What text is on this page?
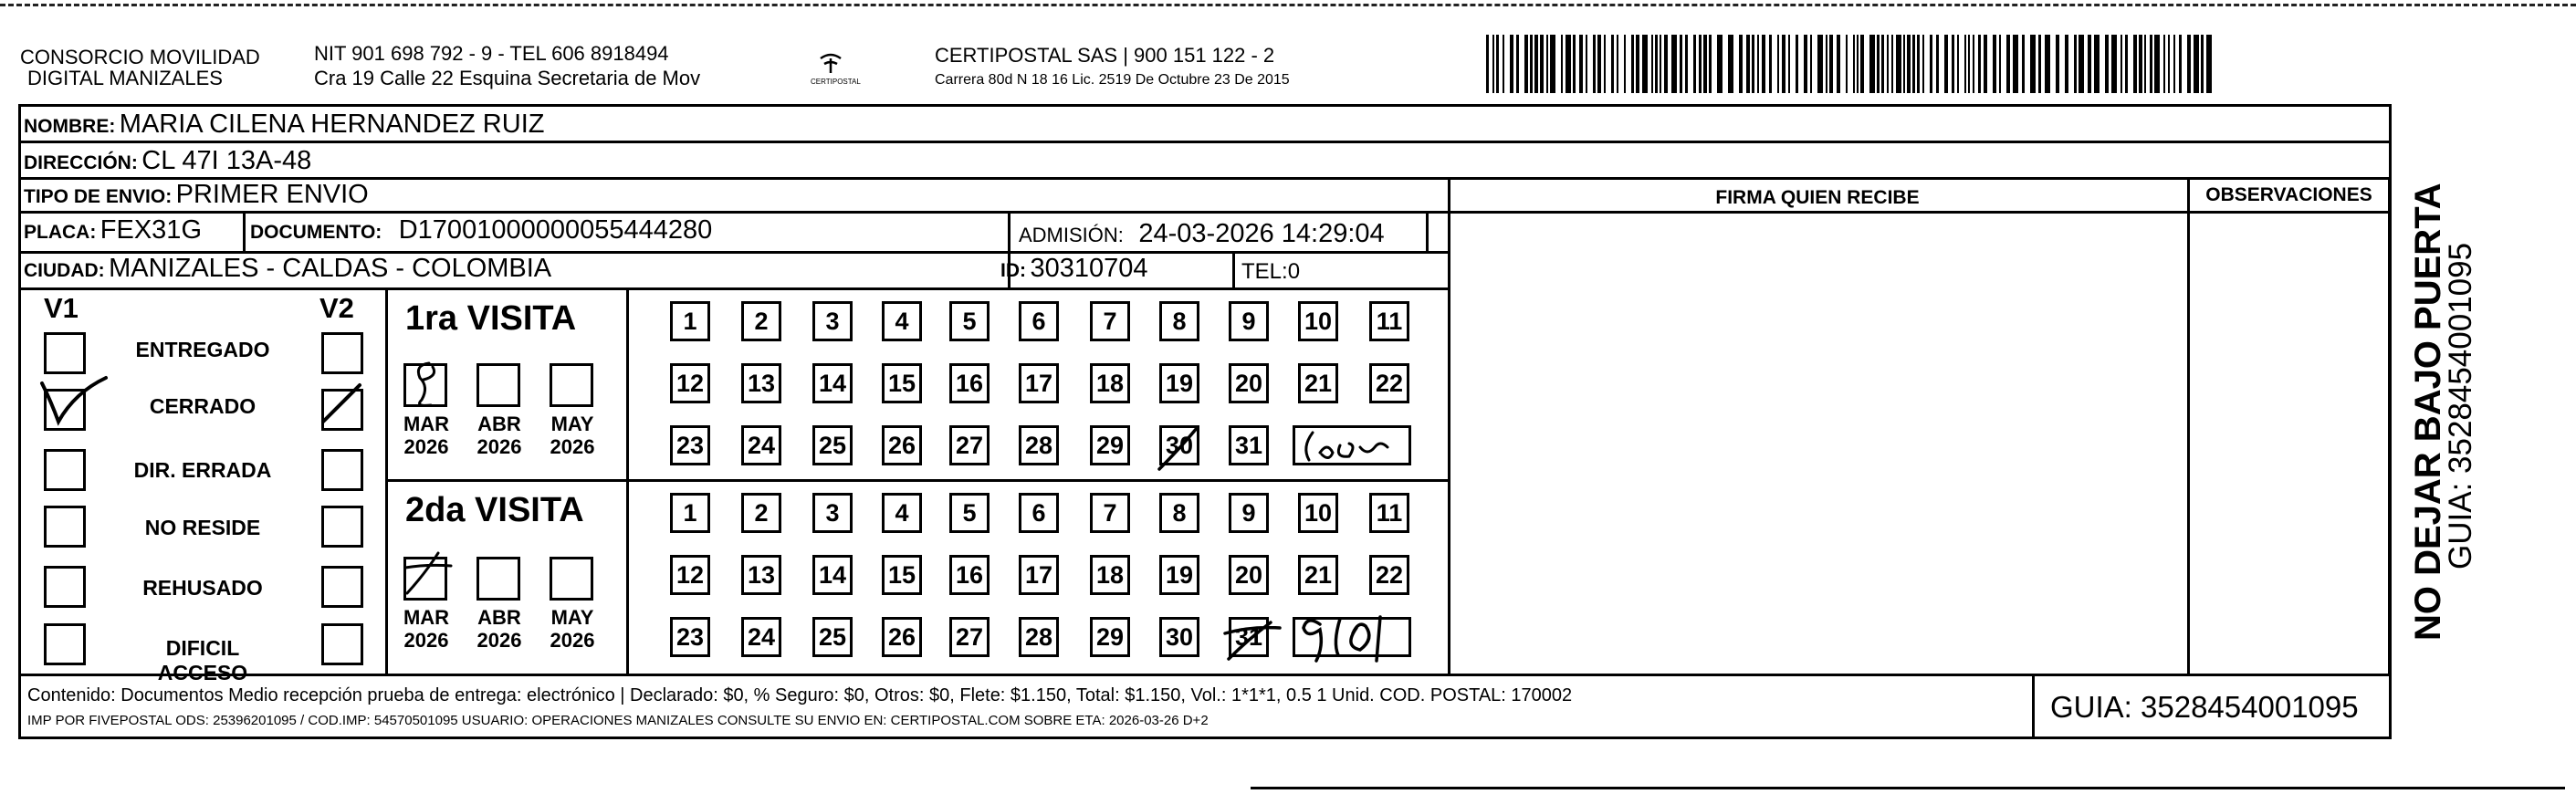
CONSORCIO MOVILIDAD
DIGITAL MANIZALES
NIT 901 698 792 - 9 - TEL 606 8918494
Cra 19 Calle 22 Esquina Secretaria de Mov	CERTIPOSTAL
CERTIPOSTAL SAS | 900 151 122 - 2
Carrera 80d N 18 16 Lic. 2519 De Octubre 23 De 2015
NOMBRE: MARIA CILENA HERNANDEZ RUIZ
DIRECCIÓN: CL 47I 13A-48
TIPO DE ENVIO: PRIMER ENVIO
PLACA: FEX31G	DOCUMENTO: D17001000000055444280	ADMISIÓN: 24-03-2026 14:29:04
CIUDAD: MANIZALES - CALDAS - COLOMBIA	ID: 30310704	TEL:0
FIRMA QUIEN RECIBE	OBSERVACIONES
V1	V2
ENTREGADO
CERRADO
DIR. ERRADA
NO RESIDE
REHUSADO
DIFICIL ACCESO
1ra VISITA
MAR
2026
ABR
2026
MAY
2026
1	2	3	4	5	6	7	8	9	10 11
12 13 14 15 16 17 18 19 20 21 22
23 24 25 26 27 28 29 30 31
2da VISITA
MAR
2026
ABR
2026
MAY
2026
1	2	3	4	5	6	7	8	9	10 11
12 13 14 15 16 17 18 19 20 21 22
23 24 25 26 27 28 29 30 31
Contenido: Documentos Medio recepción prueba de entrega: electrónico | Declarado: $0, % Seguro: $0, Otros: $0, Flete: $1.150, Total: $1.150, Vol.: 1*1*1, 0.5 1 Unid. COD. POSTAL: 170002
IMP POR FIVEPOSTAL ODS: 25396201095 / COD.IMP: 54570501095 USUARIO: OPERACIONES MANIZALES CONSULTE SU ENVIO EN: CERTIPOSTAL.COM SOBRE ETA: 2026-03-26 D+2	GUIA: 3528454001095
NO DEJAR BAJO PUERTA
GUIA: 3528454001095
